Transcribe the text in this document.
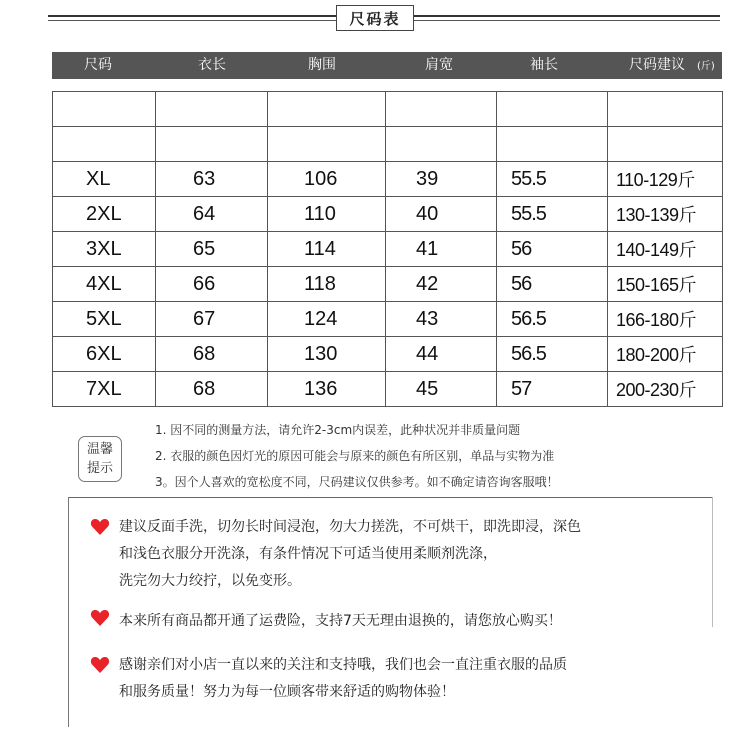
尺码表
尺码	衣长	胸围	肩宽	袖长	尺码建议 (斤)

XL	63	106	39	55.5	110-129斤
2XL	64	110	40	55.5	130-139斤
3XL	65	114	41	56	140-149斤
4XL	66	118	42	56	150-165斤
5XL	67	124	43	56.5	166-180斤
6XL	68	130	44	56.5	180-200斤
7XL	68	136	45	57	200-230斤
温馨
提示
1. 因不同的测量方法，请允许2-3cm内误差，此种状况并非质量问题
2. 衣服的颜色因灯光的原因可能会与原来的颜色有所区别，单品与实物为准
3。因个人喜欢的宽松度不同，尺码建议仅供参考。如不确定请咨询客服哦！
建议反面手洗，切勿长时间浸泡，勿大力搓洗，不可烘干，即洗即浸，深色
和浅色衣服分开洗涤，有条件情况下可适当使用柔顺剂洗涤，
洗完勿大力绞拧，以免变形。
本来所有商品都开通了运费险，支持7天无理由退换的，请您放心购买！
感谢亲们对小店一直以来的关注和支持哦，我们也会一直注重衣服的品质
和服务质量！努力为每一位顾客带来舒适的购物体验！
